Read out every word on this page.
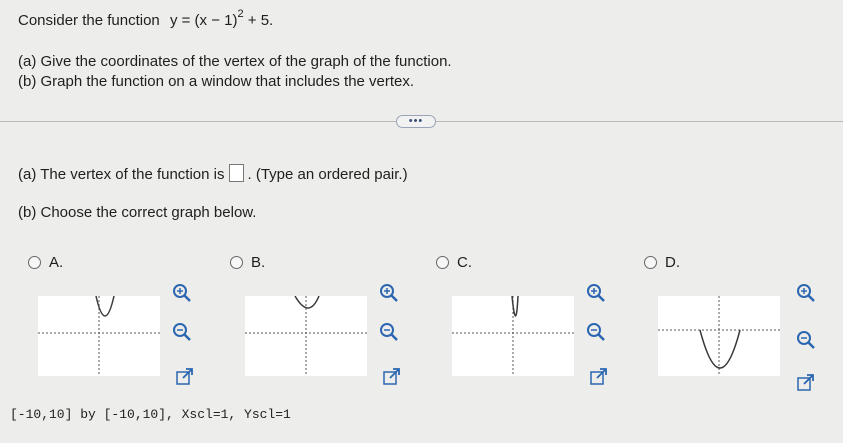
Consider the function $y = (x - 1)^2 + 5$.
(a) Give the coordinates of the vertex of the graph of the function.
(b) Graph the function on a window that includes the vertex.
•••
(a) The vertex of the function is . (Type an ordered pair.)
(b) Choose the correct graph below.
A.	B.	C.	D.
[-10,10] by [-10,10], Xscl=1, Yscl=1
